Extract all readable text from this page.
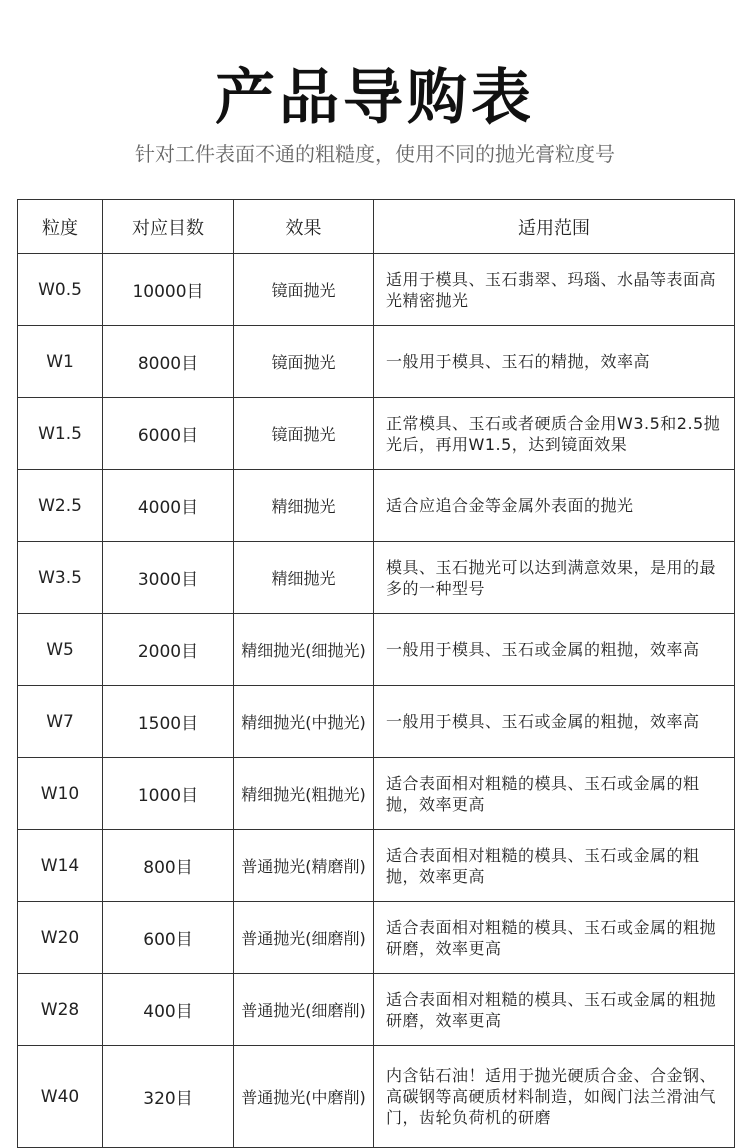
产品导购表
针对工件表面不通的粗糙度，使用不同的抛光膏粒度号
粒度	对应目数	效果	适用范围
W0.5	10000目	镜面抛光	适用于模具、玉石翡翠、玛瑙、水晶等表面高光精密抛光
W1	8000目	镜面抛光	一般用于模具、玉石的精抛，效率高
W1.5	6000目	镜面抛光	正常模具、玉石或者硬质合金用W3.5和2.5抛光后，再用W1.5，达到镜面效果
W2.5	4000目	精细抛光	适合应追合金等金属外表面的抛光
W3.5	3000目	精细抛光	模具、玉石抛光可以达到满意效果，是用的最多的一种型号
W5	2000目	精细抛光(细抛光)	一般用于模具、玉石或金属的粗抛，效率高
W7	1500目	精细抛光(中抛光)	一般用于模具、玉石或金属的粗抛，效率高
W10	1000目	精细抛光(粗抛光)	适合表面相对粗糙的模具、玉石或金属的粗抛，效率更高
W14	800目	普通抛光(精磨削)	适合表面相对粗糙的模具、玉石或金属的粗抛，效率更高
W20	600目	普通抛光(细磨削)	适合表面相对粗糙的模具、玉石或金属的粗抛研磨，效率更高
W28	400目	普通抛光(细磨削)	适合表面相对粗糙的模具、玉石或金属的粗抛研磨，效率更高
W40	320目	普通抛光(中磨削)	内含钻石油！适用于抛光硬质合金、合金钢、高碳钢等高硬质材料制造，如阀门法兰滑油气门，齿轮负荷机的研磨
